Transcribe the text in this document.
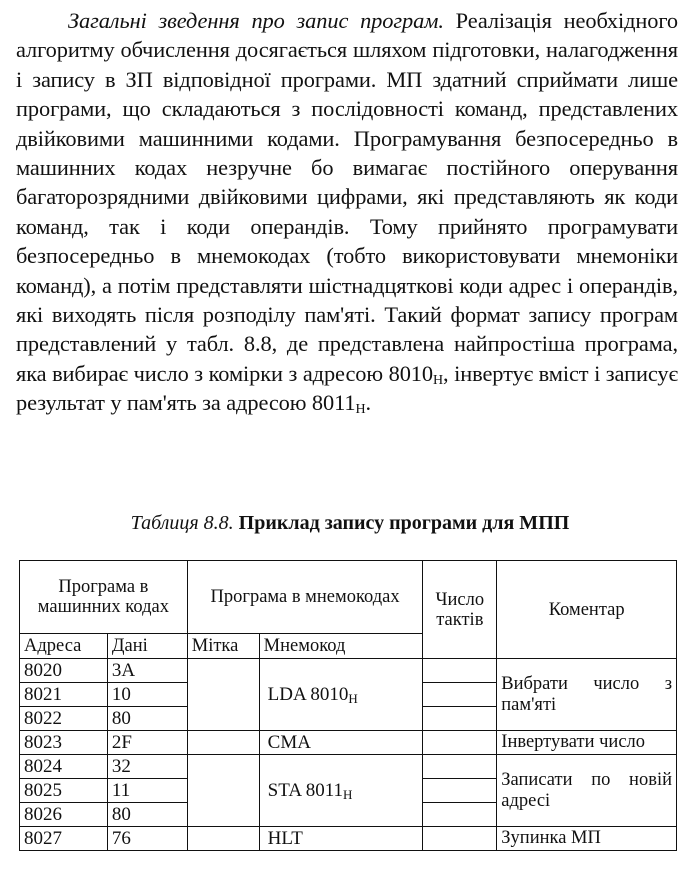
Загальні зведення про запис програм. Реалізація необхідного алгоритму обчислення досягається шляхом підготовки, налагодження і запису в ЗП відповідної програми. МП здатний сприймати лише програми, що складаються з послідовності команд, представлених двійковими машинними кодами. Програмування безпосередньо в машинних кодах незручне бо вимагає постійного оперування багаторозрядними двійковими цифрами, які представляють як коди команд, так і коди операндів. Тому прийнято програмувати безпосередньо в мнемокодах (тобто використовувати мнемоніки команд), а потім представляти шістнадцяткові коди адрес і операндів, які виходять після розподілу пам'яті. Такий формат запису програм представлений у табл. 8.8, де представлена найпростіша програма, яка вибирає число з комірки з адресою $8010_Н$, інвертує вміст і записує результат у пам'ять за адресою $8011_Н$.
Таблиця 8.8. Приклад запису програми для МПП
Програма в машинних кодах		Програма в мнемокодах		Число тактів	Коментар
Адреса	Дані	Мітка	Мнемокод		
8020	3A		LDA $8010_Н$		Вибрати число з пам'яті
8021	10				
8022	80				
8023	2F		CMA		Інвертувати число
8024	32		STA $8011_Н$		Записати по новій адресі
8025	11				
8026	80				
8027	76		HLT		Зупинка МП
